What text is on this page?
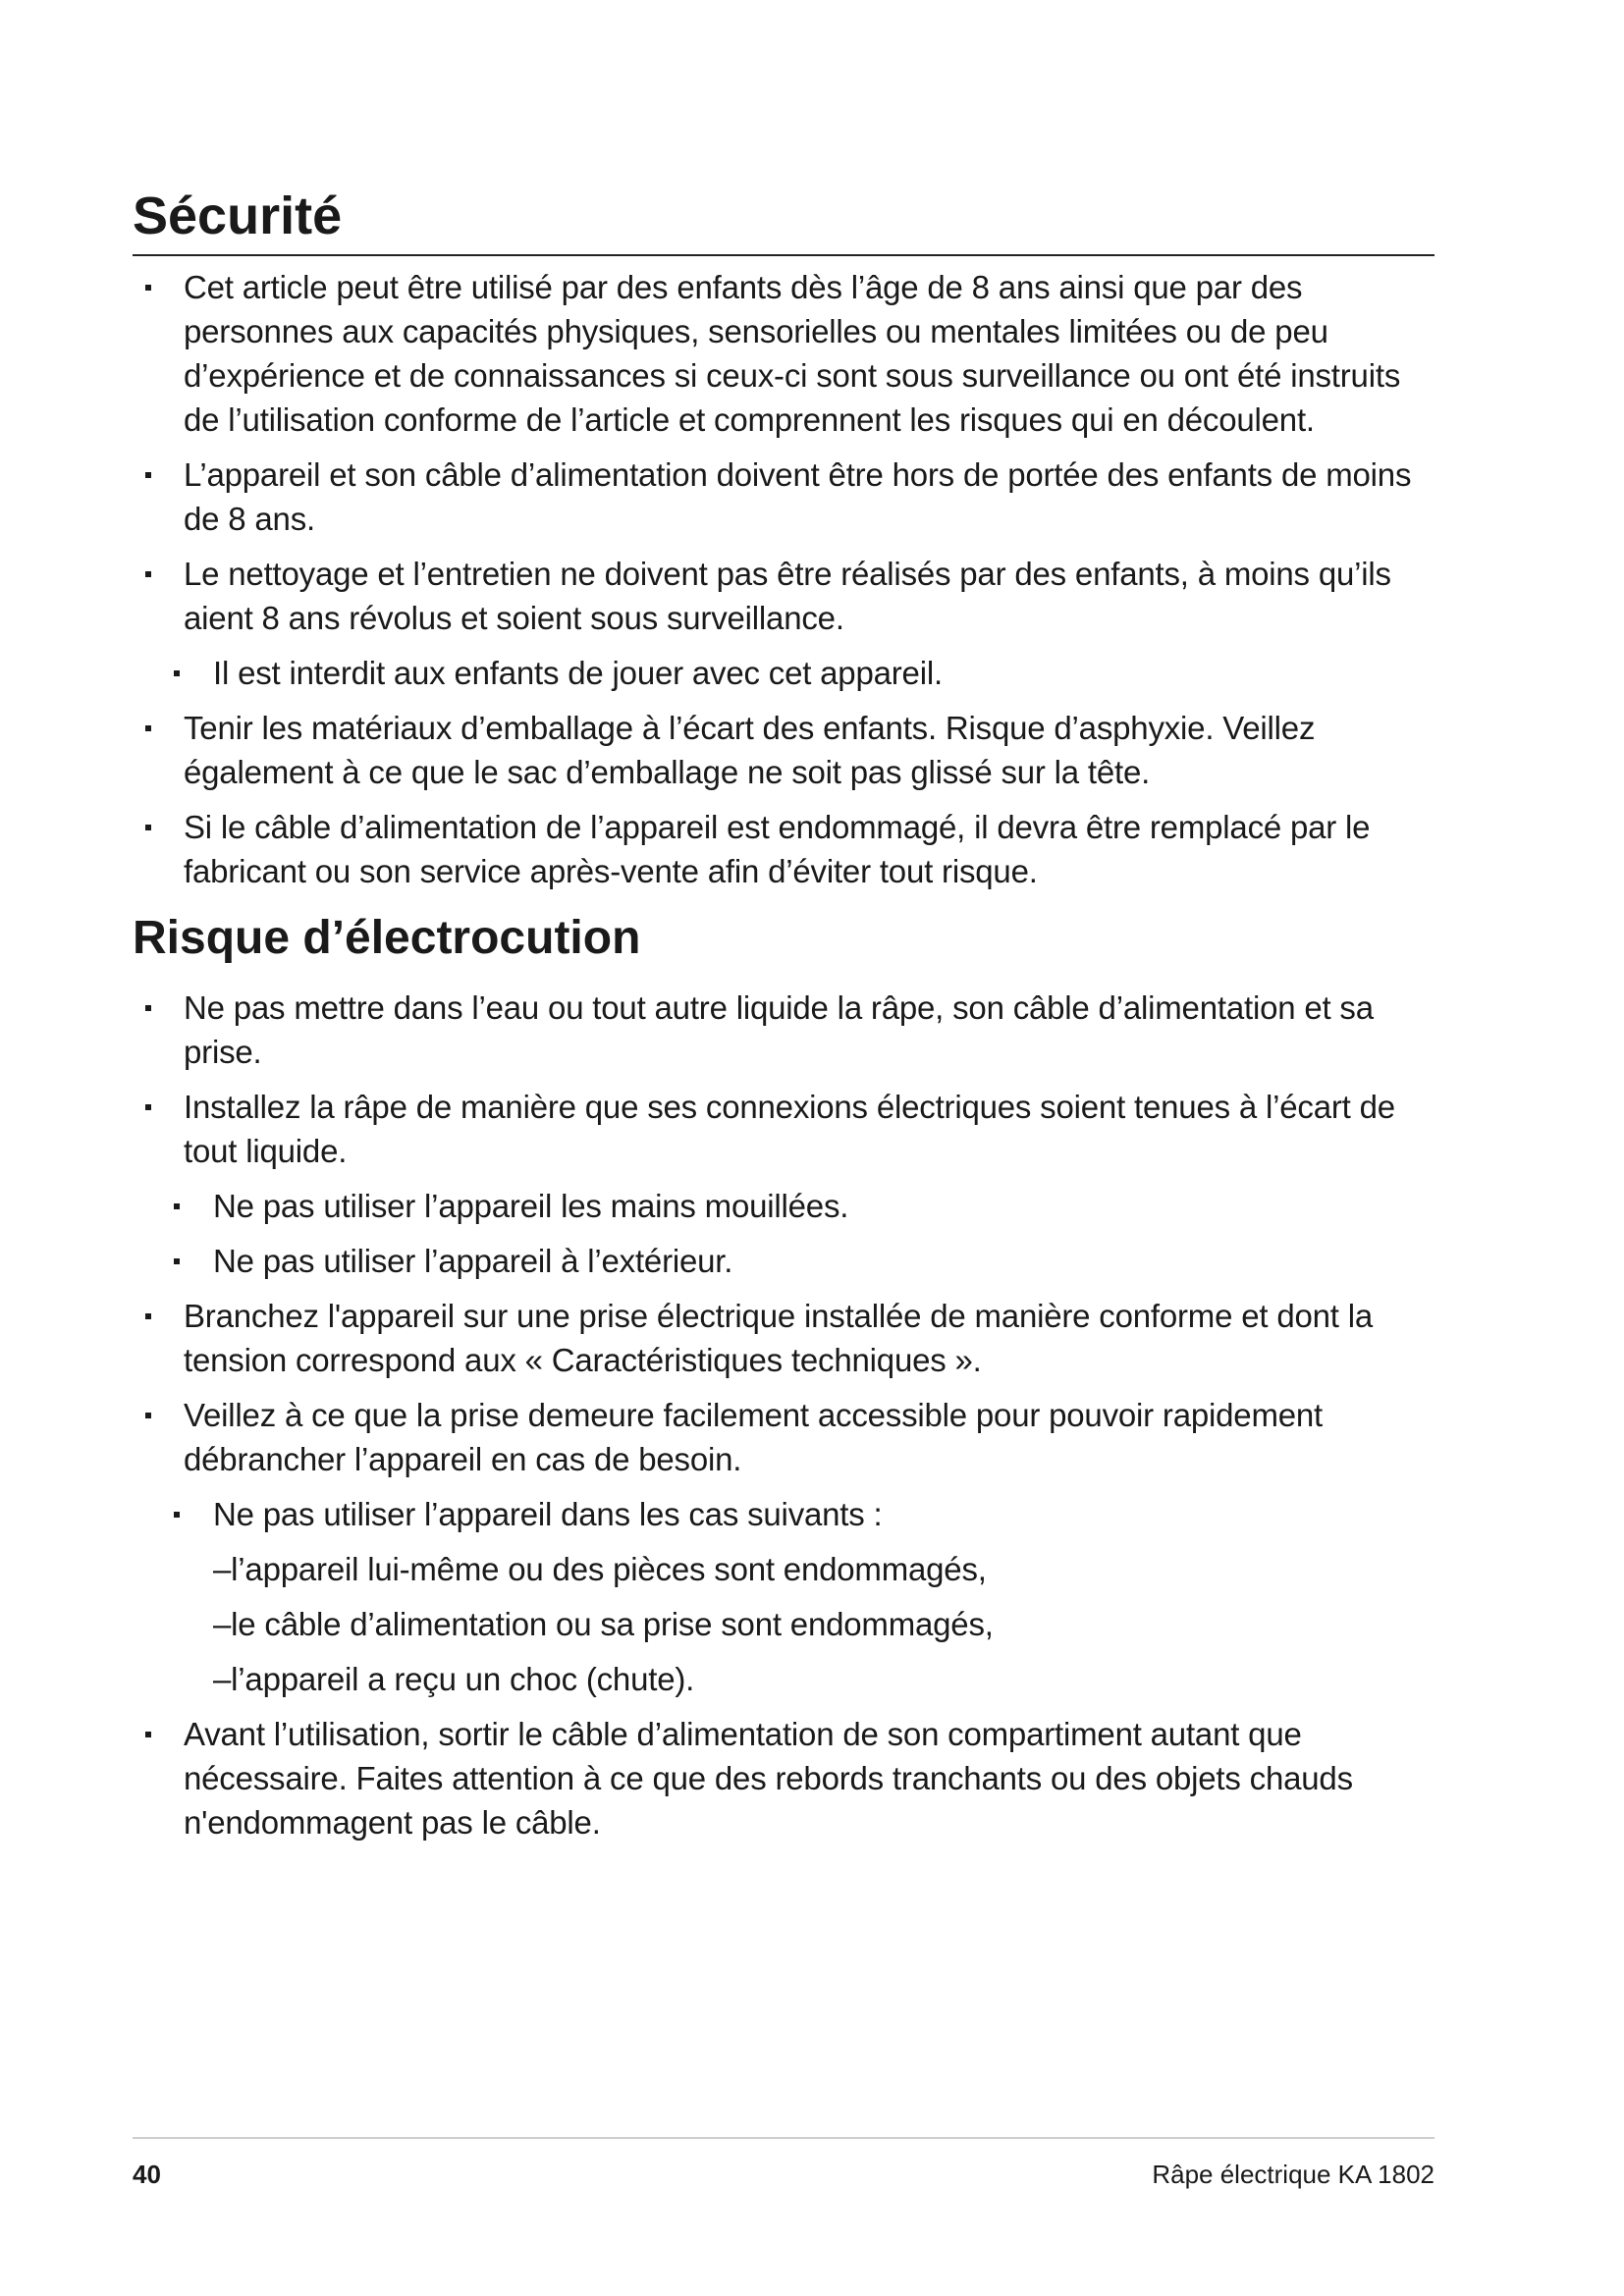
Sécurité
Cet article peut être utilisé par des enfants dès l’âge de 8 ans ainsi que par des personnes aux capacités physiques, sensorielles ou mentales limitées ou de peu d’expérience et de connaissances si ceux-ci sont sous surveillance ou ont été instruits de l’utilisation conforme de l’article et comprennent les risques qui en découlent.
L’appareil et son câble d’alimentation doivent être hors de portée des enfants de moins de 8 ans.
Le nettoyage et l’entretien ne doivent pas être réalisés par des enfants, à moins qu’ils aient 8 ans révolus et soient sous surveillance.
Il est interdit aux enfants de jouer avec cet appareil.
Tenir les matériaux d’emballage à l’écart des enfants. Risque d’asphyxie. Veillez également à ce que le sac d’emballage ne soit pas glissé sur la tête.
Si le câble d’alimentation de l’appareil est endommagé, il devra être remplacé par le fabricant ou son service après-vente afin d’éviter tout risque.
Risque d’électrocution
Ne pas mettre dans l’eau ou tout autre liquide la râpe, son câble d’alimentation et sa prise.
Installez la râpe de manière que ses connexions électriques soient tenues à l’écart de tout liquide.
Ne pas utiliser l’appareil les mains mouillées.
Ne pas utiliser l’appareil à l’extérieur.
Branchez l'appareil sur une prise électrique installée de manière conforme et dont la tension correspond aux « Caractéristiques techniques ».
Veillez à ce que la prise demeure facilement accessible pour pouvoir rapidement débrancher l’appareil en cas de besoin.
Ne pas utiliser l’appareil dans les cas suivants :
–l’appareil lui-même ou des pièces sont endommagés,
–le câble d’alimentation ou sa prise sont endommagés,
–l’appareil a reçu un choc (chute).
Avant l’utilisation, sortir le câble d’alimentation de son compartiment autant que nécessaire. Faites attention à ce que des rebords tranchants ou des objets chauds n'endommagent pas le câble.
40	Râpe électrique KA 1802
